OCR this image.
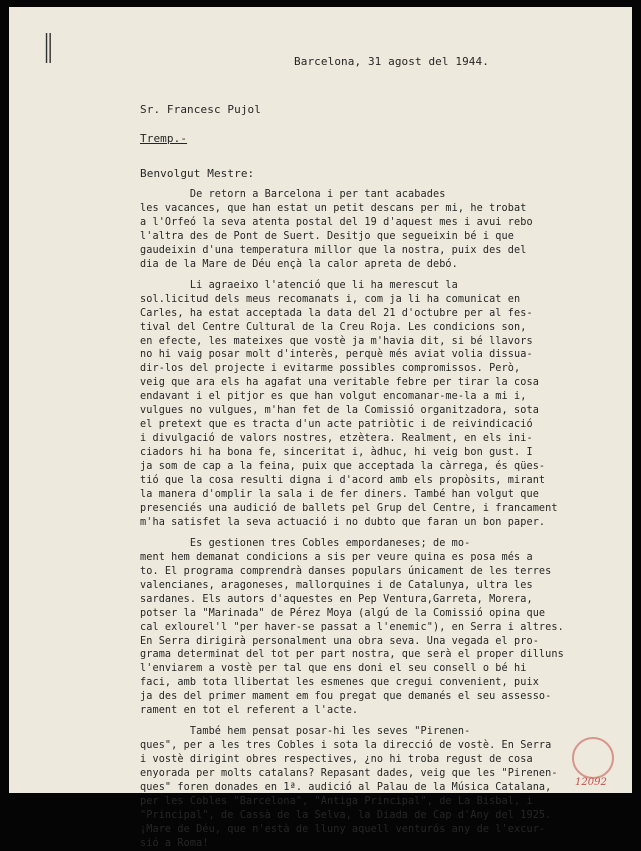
||	Barcelona, 31 agost del 1944.
Sr. Francesc Pujol
Tremp.-
Benvolgut Mestre:
De retorn a Barcelona i per tant acabades
les vacances, que han estat un petit descans per mi, he trobat
a l'Orfeó la seva atenta postal del 19 d'aquest mes i avui rebo
l'altra des de Pont de Suert. Desitjo que segueixin bé i que
gaudeixin d'una temperatura millor que la nostra, puix des del
dia de la Mare de Déu ençà la calor apreta de debó.
Li agraeixo l'atenció que li ha merescut la
sol.licitud dels meus recomanats i, com ja li ha comunicat en
Carles, ha estat acceptada la data del 21 d'octubre per al fes-
tival del Centre Cultural de la Creu Roja. Les condicions son,
en efecte, les mateixes que vostè ja m'havia dit, si bé llavors
no hi vaig posar molt d'interès, perquè més aviat volia dissua-
dir-los del projecte i evitarme possibles compromissos. Però,
veig que ara els ha agafat una veritable febre per tirar la cosa
endavant i el pitjor es que han volgut encomanar-me-la a mi i,
vulgues no vulgues, m'han fet de la Comissió organitzadora, sota
el pretext que es tracta d'un acte patriòtic i de reivindicació
i divulgació de valors nostres, etzètera. Realment, en els ini-
ciadors hi ha bona fe, sinceritat i, àdhuc, hi veig bon gust. I
ja som de cap a la feina, puix que acceptada la càrrega, és qües-
tió que la cosa resulti digna i d'acord amb els propòsits, mirant
la manera d'omplir la sala i de fer diners. També han volgut que
presenciés una audició de ballets pel Grup del Centre, i francament
m'ha satisfet la seva actuació i no dubto que faran un bon paper.
Es gestionen tres Cobles empordaneses; de mo-
ment hem demanat condicions a sis per veure quina es posa més a
to. El programa comprendrà danses populars únicament de les terres
valencianes, aragoneses, mallorquines i de Catalunya, ultra les
sardanes. Els autors d'aquestes en Pep Ventura,Garreta, Morera,
potser la "Marinada" de Pérez Moya (algú de la Comissió opina que
cal exlourel'l "per haver-se passat a l'enemic"), en Serra i altres.
En Serra dirigirà personalment una obra seva. Una vegada el pro-
grama determinat del tot per part nostra, que serà el proper dilluns
l'enviarem a vostè per tal que ens doni el seu consell o bé hi
faci, amb tota llibertat les esmenes que cregui convenient, puix
ja des del primer mament em fou pregat que demanés el seu assesso-
rament en tot el referent a l'acte.
També hem pensat posar-hi les seves "Pirenen-
ques", per a les tres Cobles i sota la direcció de vostè. En Serra
i vostè dirigint obres respectives, ¿no hi troba regust de cosa
enyorada per molts catalans? Repasant dades, veig que les "Pirenen-
ques" foren donades en 1ª. audició al Palau de la Música Catalana,
per les Cobles "Barcelona", "Antiga Principal", de La Bisbal, i
"Principal", de Cassà de la Selva, la Diada de Cap d'Any del 1925.
¡Mare de Déu, que n'està de lluny aquell venturós any de l'excur-
sió a Roma!
12092
